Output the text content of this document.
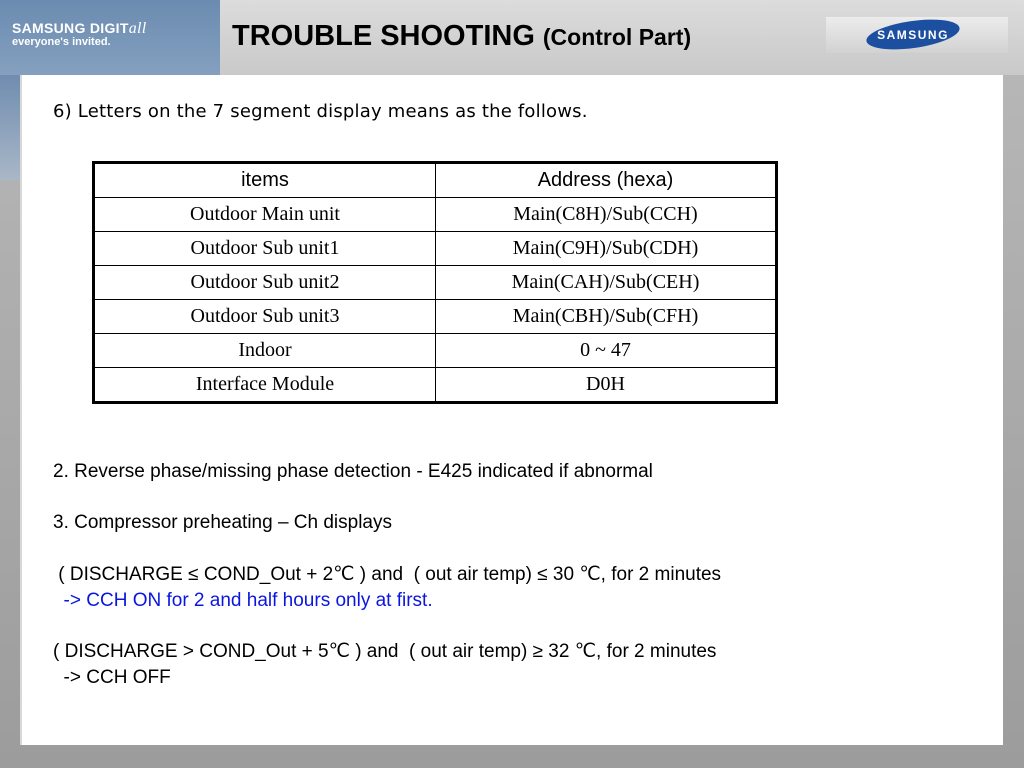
SAMSUNG DIGITall
everyone's invited.	TROUBLE SHOOTING (Control Part)	SAMSUNG
6) Letters on the 7 segment display means as the follows.
items	Address (hexa)
Outdoor Main unit	Main(C8H)/Sub(CCH)
Outdoor Sub unit1	Main(C9H)/Sub(CDH)
Outdoor Sub unit2	Main(CAH)/Sub(CEH)
Outdoor Sub unit3	Main(CBH)/Sub(CFH)
Indoor	0 ~ 47
Interface Module	D0H
2. Reverse phase/missing phase detection - E425 indicated if abnormal
3. Compressor preheating – Ch displays
( DISCHARGE ≤ COND_Out + 2℃ ) and  ( out air temp) ≤ 30 ℃, for 2 minutes
-> CCH ON for 2 and half hours only at first.
( DISCHARGE > COND_Out + 5℃ ) and  ( out air temp) ≥ 32 ℃, for 2 minutes
-> CCH OFF
